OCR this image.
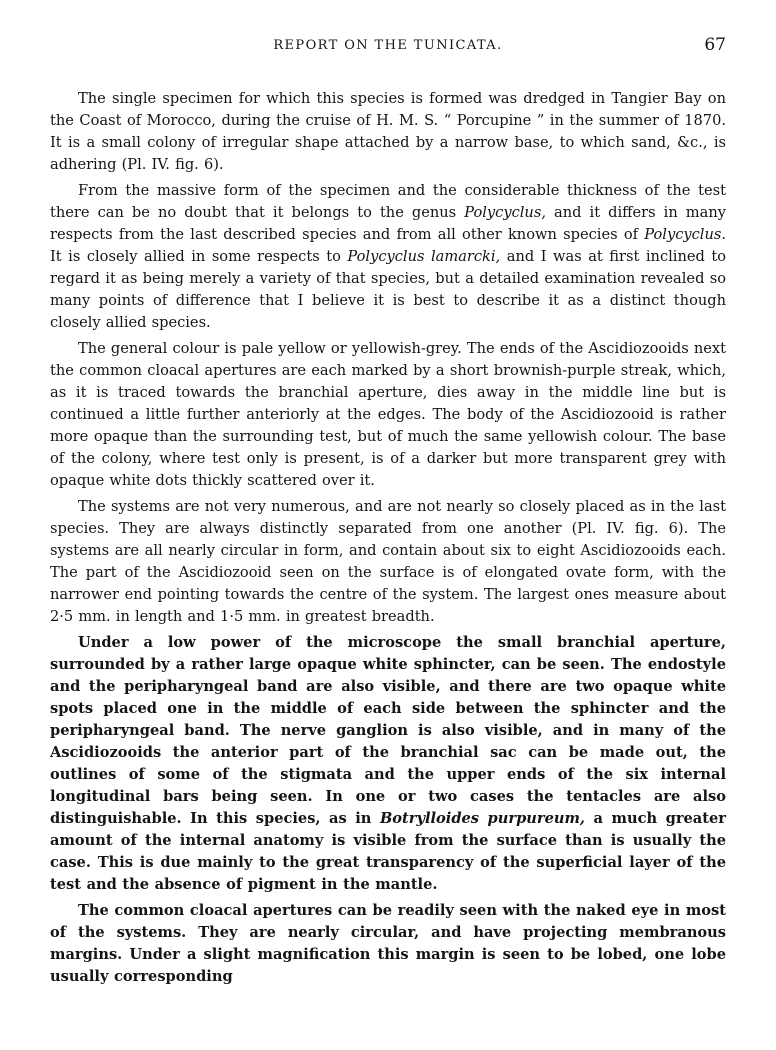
REPORT ON THE TUNICATA.	67

The single specimen for which this species is formed was dredged in Tangier Bay on the Coast of Morocco, during the cruise of H. M. S. “ Porcupine ” in the summer of 1870. It is a small colony of irregular shape attached by a narrow base, to which sand, &c., is adhering (Pl. IV. fig. 6).

From the massive form of the specimen and the considerable thickness of the test there can be no doubt that it belongs to the genus Polycyclus, and it differs in many respects from the last described species and from all other known species of Polycyclus. It is closely allied in some respects to Polycyclus lamarcki, and I was at first inclined to regard it as being merely a variety of that species, but a detailed examination revealed so many points of difference that I believe it is best to describe it as a distinct though closely allied species.

The general colour is pale yellow or yellowish-grey. The ends of the Ascidiozooids next the common cloacal apertures are each marked by a short brownish-purple streak, which, as it is traced towards the branchial aperture, dies away in the middle line but is continued a little further anteriorly at the edges. The body of the Ascidiozooid is rather more opaque than the surrounding test, but of much the same yellowish colour. The base of the colony, where test only is present, is of a darker but more transparent grey with opaque white dots thickly scattered over it.

The systems are not very numerous, and are not nearly so closely placed as in the last species. They are always distinctly separated from one another (Pl. IV. fig. 6). The systems are all nearly circular in form, and contain about six to eight Ascidiozooids each. The part of the Ascidiozooid seen on the surface is of elongated ovate form, with the narrower end pointing towards the centre of the system. The largest ones measure about 2·5 mm. in length and 1·5 mm. in greatest breadth.

Under a low power of the microscope the small branchial aperture, surrounded by a rather large opaque white sphincter, can be seen. The endostyle and the peripharyngeal band are also visible, and there are two opaque white spots placed one in the middle of each side between the sphincter and the peripharyngeal band. The nerve ganglion is also visible, and in many of the Ascidiozooids the anterior part of the branchial sac can be made out, the outlines of some of the stigmata and the upper ends of the six internal longitudinal bars being seen. In one or two cases the tentacles are also distinguishable. In this species, as in Botrylloides purpureum, a much greater amount of the internal anatomy is visible from the surface than is usually the case. This is due mainly to the great transparency of the superficial layer of the test and the absence of pigment in the mantle.

The common cloacal apertures can be readily seen with the naked eye in most of the systems. They are nearly circular, and have projecting membranous margins. Under a slight magnification this margin is seen to be lobed, one lobe usually corresponding
